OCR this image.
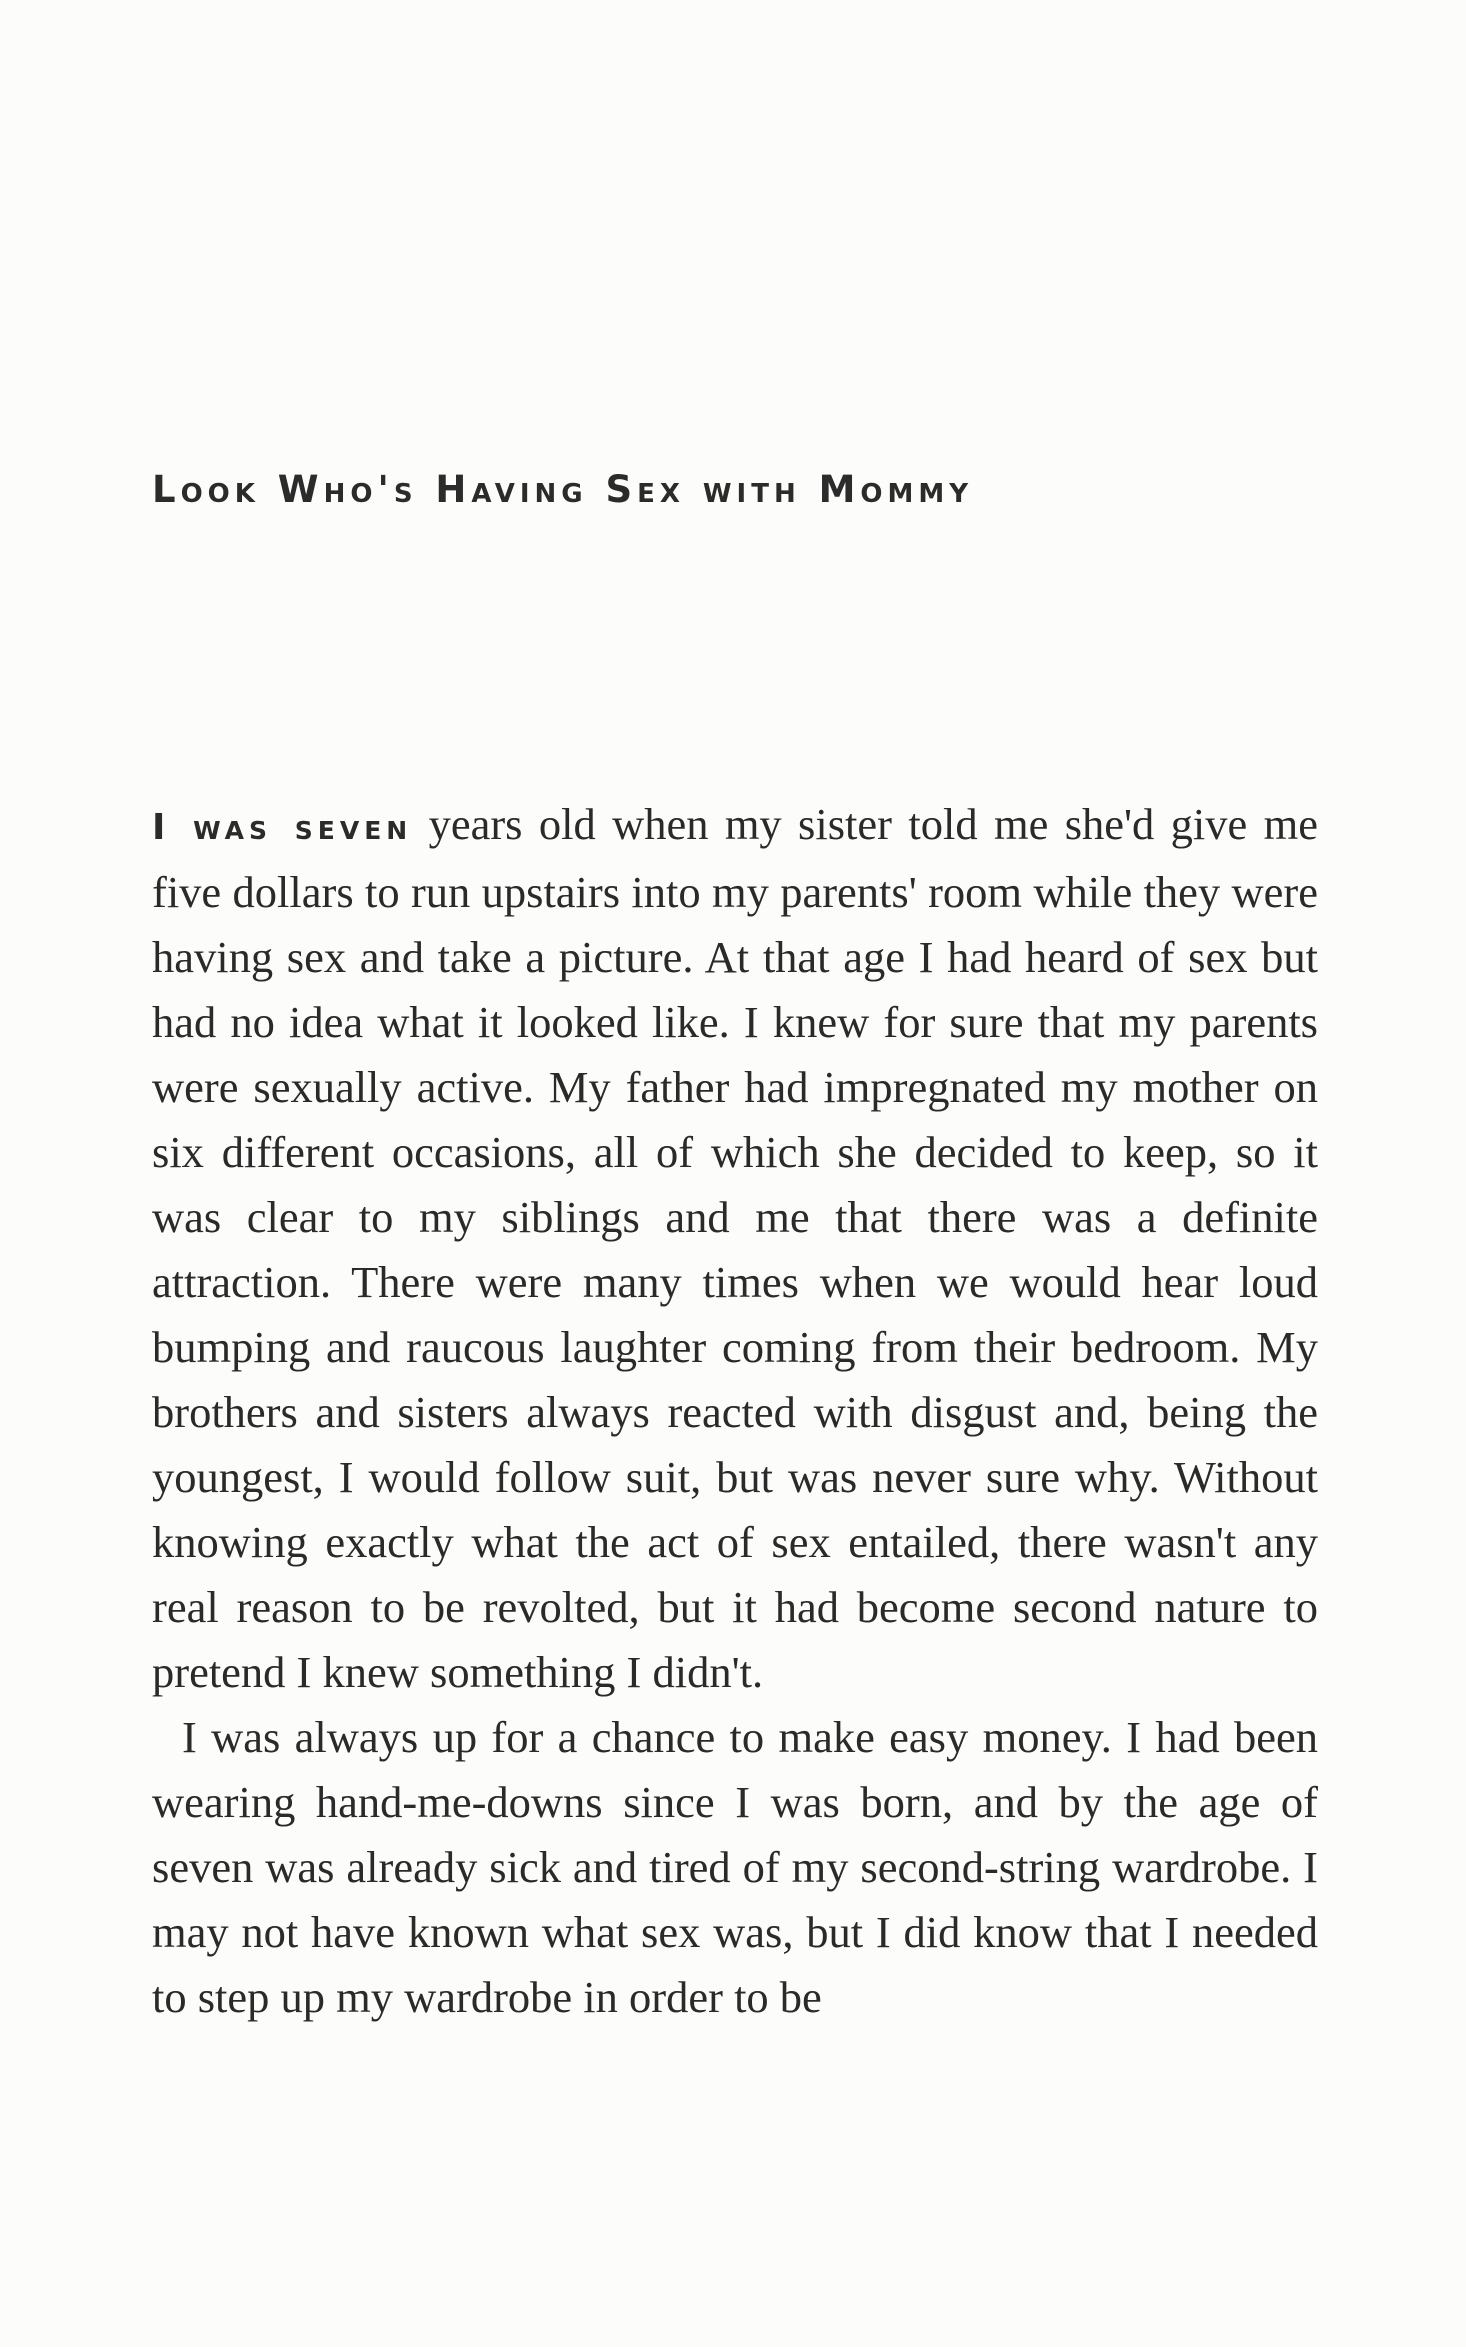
Look Who's Having Sex with Mommy

I was seven years old when my sister told me she'd give me five dollars to run upstairs into my parents' room while they were having sex and take a picture. At that age I had heard of sex but had no idea what it looked like. I knew for sure that my parents were sexually active. My father had impregnated my mother on six different occasions, all of which she decided to keep, so it was clear to my siblings and me that there was a definite attraction. There were many times when we would hear loud bumping and raucous laughter coming from their bedroom. My brothers and sisters always reacted with disgust and, being the youngest, I would follow suit, but was never sure why. Without knowing exactly what the act of sex entailed, there wasn't any real reason to be revolted, but it had become second nature to pretend I knew something I didn't.

I was always up for a chance to make easy money. I had been wearing hand-me-downs since I was born, and by the age of seven was already sick and tired of my second-string wardrobe. I may not have known what sex was, but I did know that I needed to step up my wardrobe in order to be
